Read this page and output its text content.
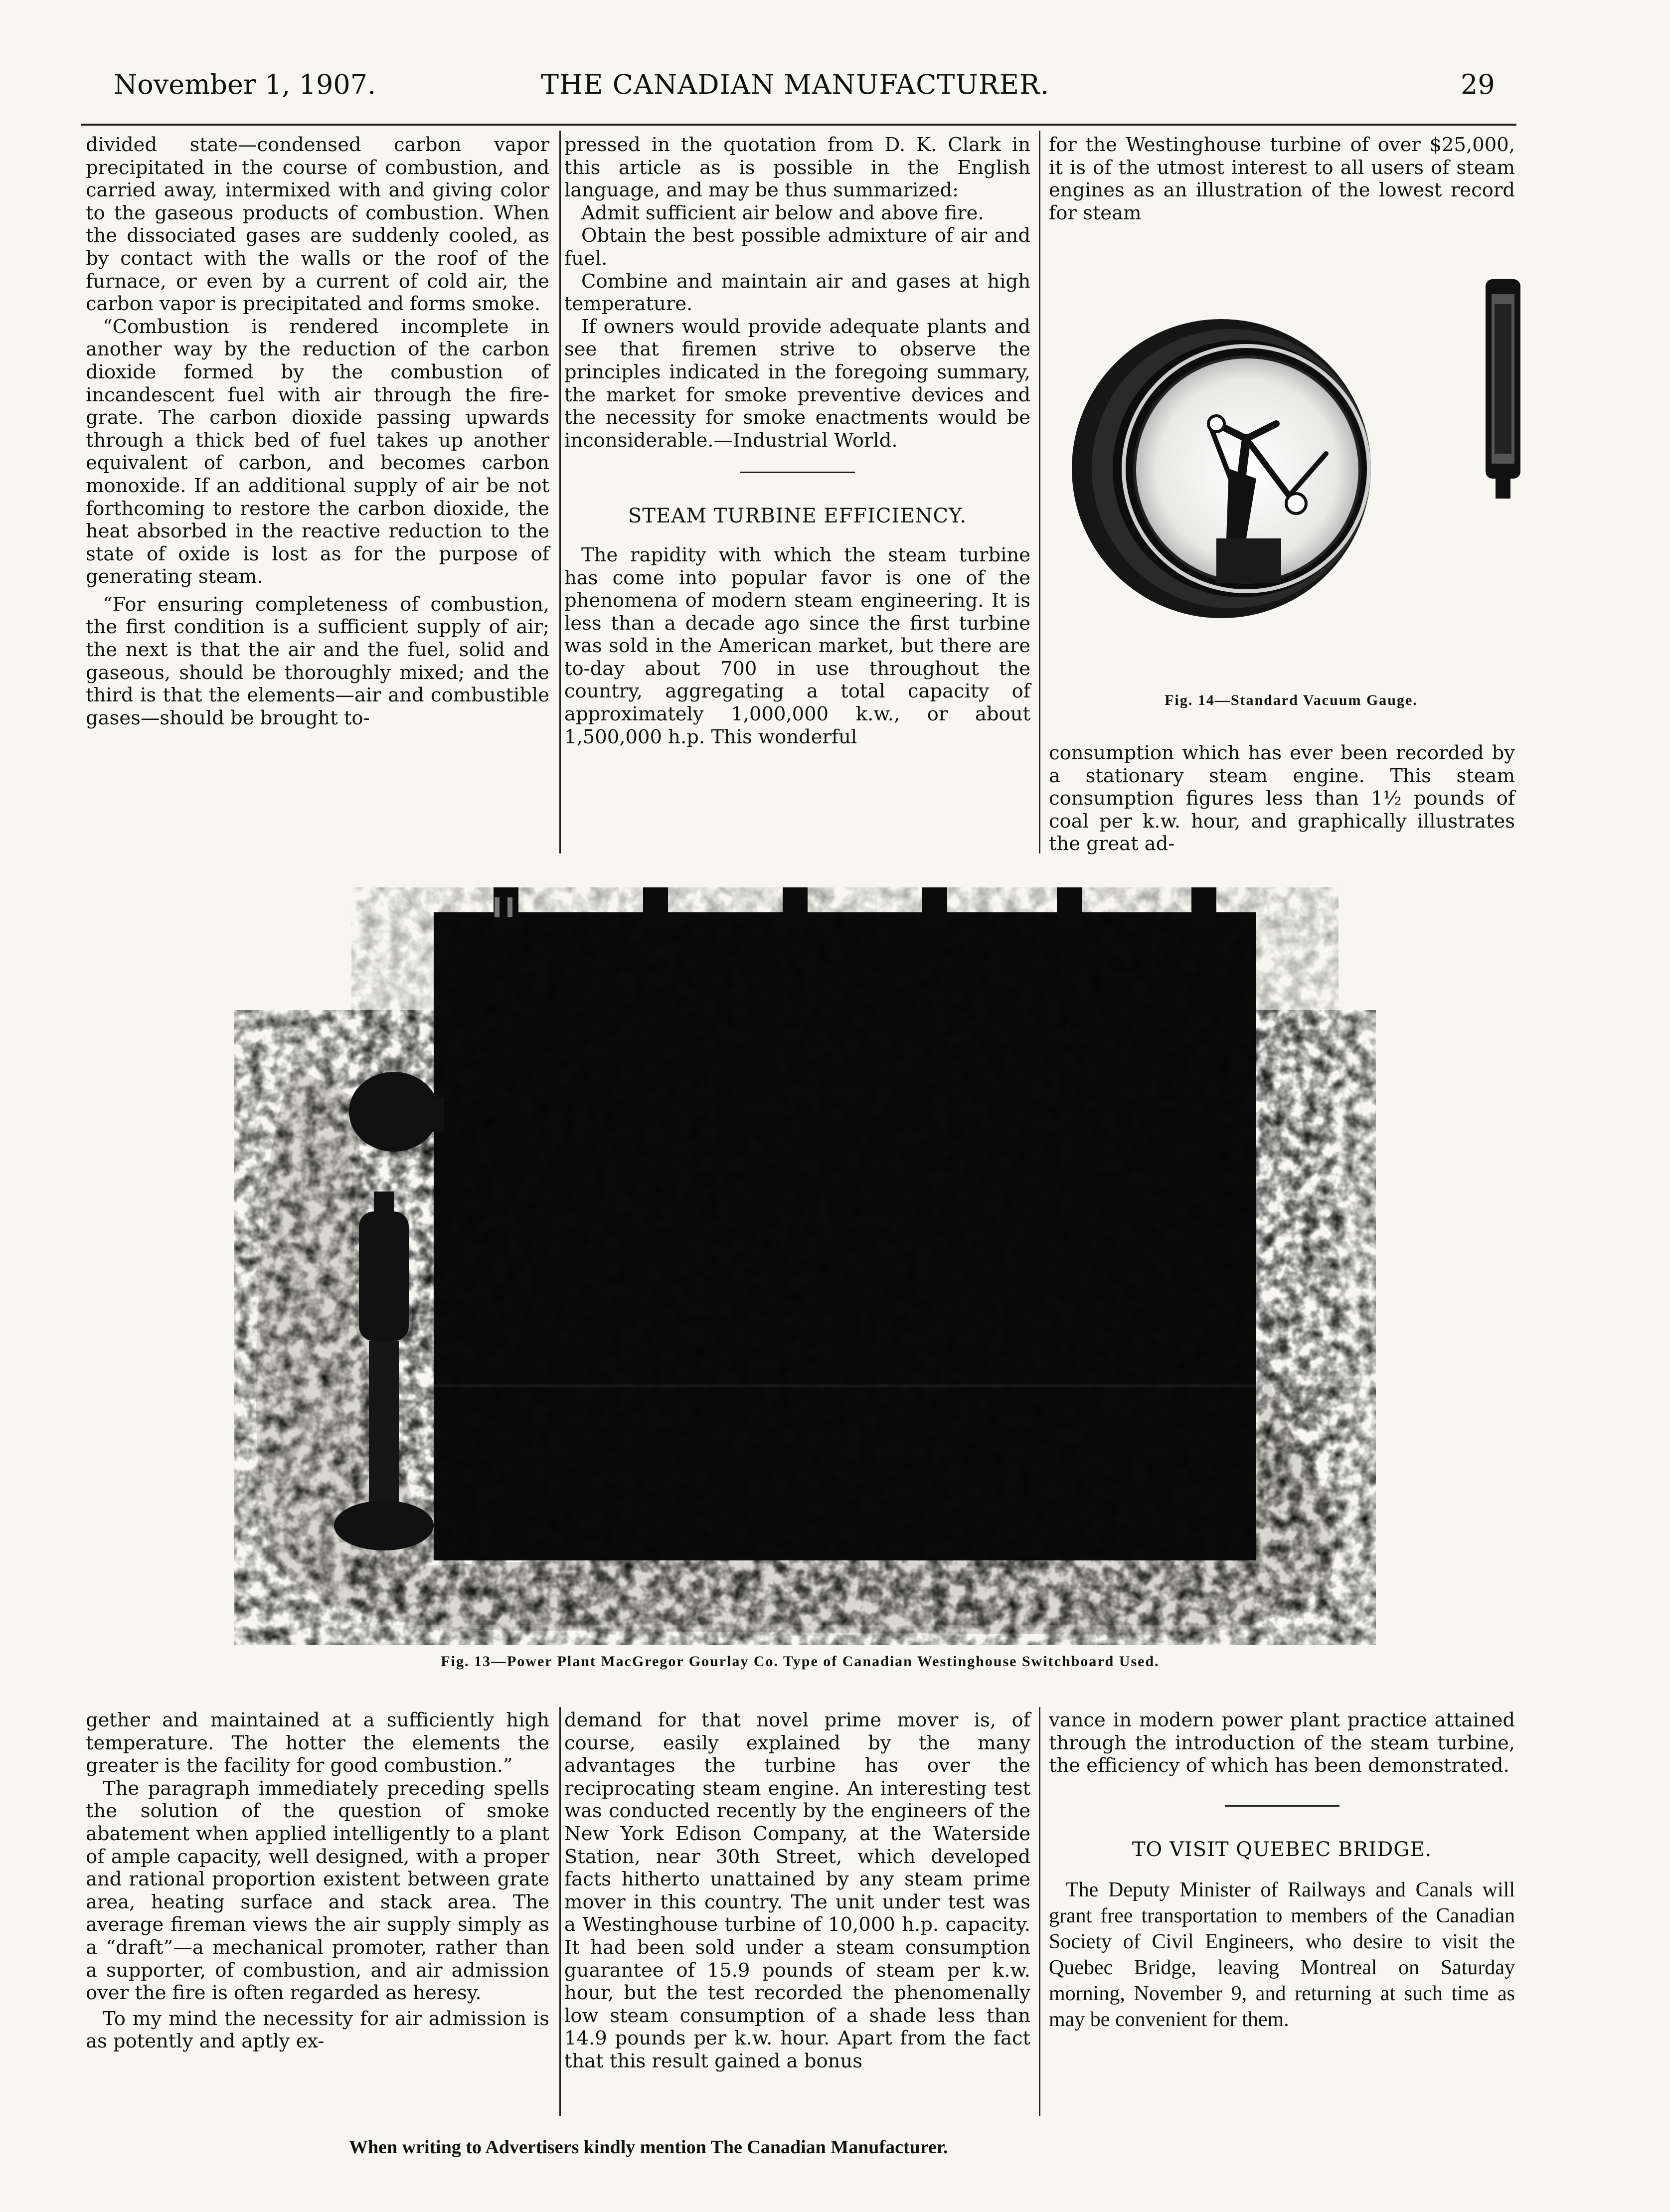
November 1, 1907.	THE CANADIAN MANUFACTURER.	29

divided state—condensed carbon vapor precipitated in the course of combustion, and carried away, intermixed with and giving color to the gaseous products of combustion. When the dissociated gases are suddenly cooled, as by contact with the walls or the roof of the furnace, or even by a current of cold air, the carbon vapor is precipitated and forms smoke.

“Combustion is rendered incomplete in another way by the reduction of the carbon dioxide formed by the combustion of incandescent fuel with air through the fire-grate. The carbon dioxide passing upwards through a thick bed of fuel takes up another equivalent of carbon, and becomes carbon monoxide. If an additional supply of air be not forthcoming to restore the carbon dioxide, the heat absorbed in the reactive reduction to the state of oxide is lost as for the purpose of generating steam.

“For ensuring completeness of combustion, the first condition is a sufficient supply of air; the next is that the air and the fuel, solid and gaseous, should be thoroughly mixed; and the third is that the elements—air and combustible gases—should be brought to-

pressed in the quotation from D. K. Clark in this article as is possible in the English language, and may be thus summarized:

Admit sufficient air below and above fire.

Obtain the best possible admixture of air and fuel.

Combine and maintain air and gases at high temperature.

If owners would provide adequate plants and see that firemen strive to observe the principles indicated in the foregoing summary, the market for smoke preventive devices and the necessity for smoke enactments would be inconsiderable.—Industrial World.

STEAM TURBINE EFFICIENCY.

The rapidity with which the steam turbine has come into popular favor is one of the phenomena of modern steam engineering. It is less than a decade ago since the first turbine was sold in the American market, but there are to-day about 700 in use throughout the country, aggregating a total capacity of approximately 1,000,000 k.w., or about 1,500,000 h.p. This wonderful

for the Westinghouse turbine of over $25,000, it is of the utmost interest to all users of steam engines as an illustration of the lowest record for steam

Fig. 14—Standard Vacuum Gauge.

consumption which has ever been recorded by a stationary steam engine. This steam consumption figures less than 1½ pounds of coal per k.w. hour, and graphically illustrates the great ad-

Fig. 13—Power Plant MacGregor Gourlay Co. Type of Canadian Westinghouse Switchboard Used.

gether and maintained at a sufficiently high temperature. The hotter the elements the greater is the facility for good combustion.”

The paragraph immediately preceding spells the solution of the question of smoke abatement when applied intelligently to a plant of ample capacity, well designed, with a proper and rational proportion existent between grate area, heating surface and stack area. The average fireman views the air supply simply as a “draft”—a mechanical promoter, rather than a supporter, of combustion, and air admission over the fire is often regarded as heresy.

To my mind the necessity for air admission is as potently and aptly ex-

demand for that novel prime mover is, of course, easily explained by the many advantages the turbine has over the reciprocating steam engine. An interesting test was conducted recently by the engineers of the New York Edison Company, at the Waterside Station, near 30th Street, which developed facts hitherto unattained by any steam prime mover in this country. The unit under test was a Westinghouse turbine of 10,000 h.p. capacity. It had been sold under a steam consumption guarantee of 15.9 pounds of steam per k.w. hour, but the test recorded the phenomenally low steam consumption of a shade less than 14.9 pounds per k.w. hour. Apart from the fact that this result gained a bonus

vance in modern power plant practice attained through the introduction of the steam turbine, the efficiency of which has been demonstrated.

TO VISIT QUEBEC BRIDGE.

The Deputy Minister of Railways and Canals will grant free transportation to members of the Canadian Society of Civil Engineers, who desire to visit the Quebec Bridge, leaving Montreal on Saturday morning, November 9, and returning at such time as may be convenient for them.

When writing to Advertisers kindly mention The Canadian Manufacturer.
